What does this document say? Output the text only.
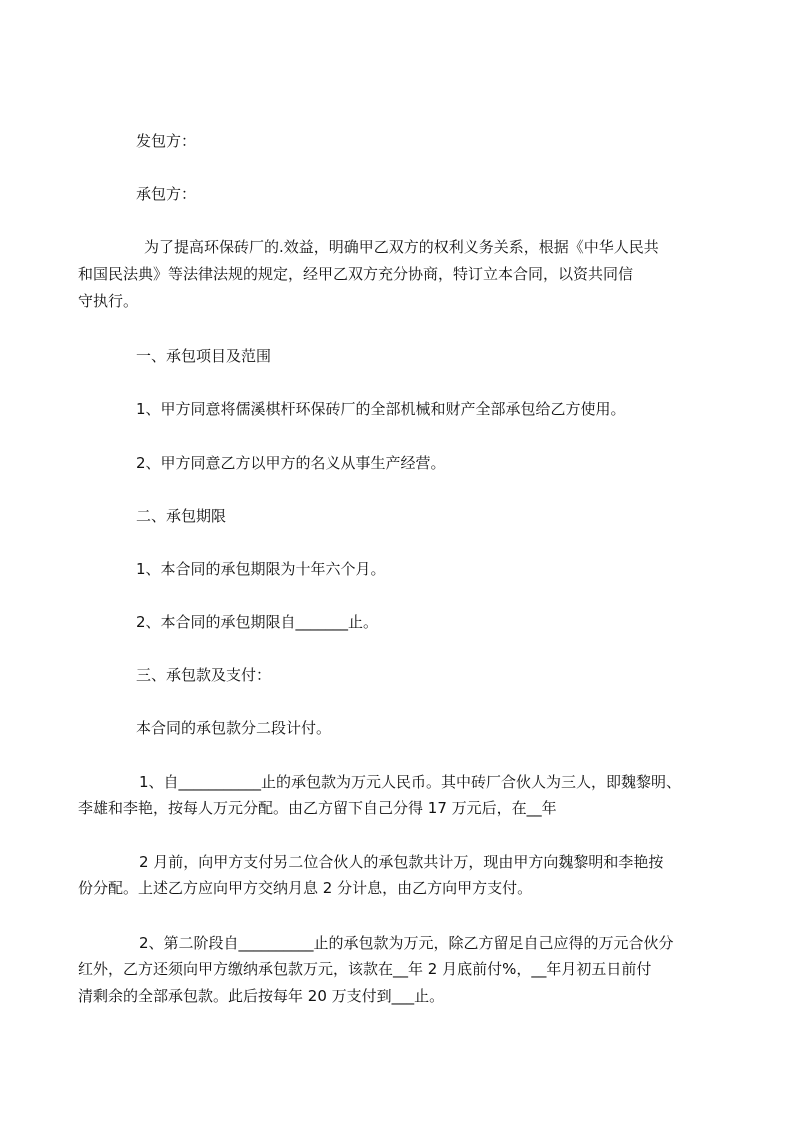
发包方：
承包方：
为了提高环保砖厂的.效益，明确甲乙双方的权利义务关系，根据《中华人民共
和国民法典》等法律法规的规定，经甲乙双方充分协商，特订立本合同，以资共同信
守执行。
一、承包项目及范围
1、甲方同意将儒溪棋杆环保砖厂的全部机械和财产全部承包给乙方使用。
2、甲方同意乙方以甲方的名义从事生产经营。
二、承包期限
1、本合同的承包期限为十年六个月。
2、本合同的承包期限自_______止。
三、承包款及支付：
本合同的承包款分二段计付。
1、自___________止的承包款为万元人民币。其中砖厂合伙人为三人，即魏黎明、
李雄和李艳，按每人万元分配。由乙方留下自己分得 17 万元后，在__年
2 月前，向甲方支付另二位合伙人的承包款共计万，现由甲方向魏黎明和李艳按
份分配。上述乙方应向甲方交纳月息 2 分计息，由乙方向甲方支付。
2、第二阶段自__________止的承包款为万元，除乙方留足自己应得的万元合伙分
红外，乙方还须向甲方缴纳承包款万元，该款在__年 2 月底前付%，__年月初五日前付
清剩余的全部承包款。此后按每年 20 万支付到___止。
